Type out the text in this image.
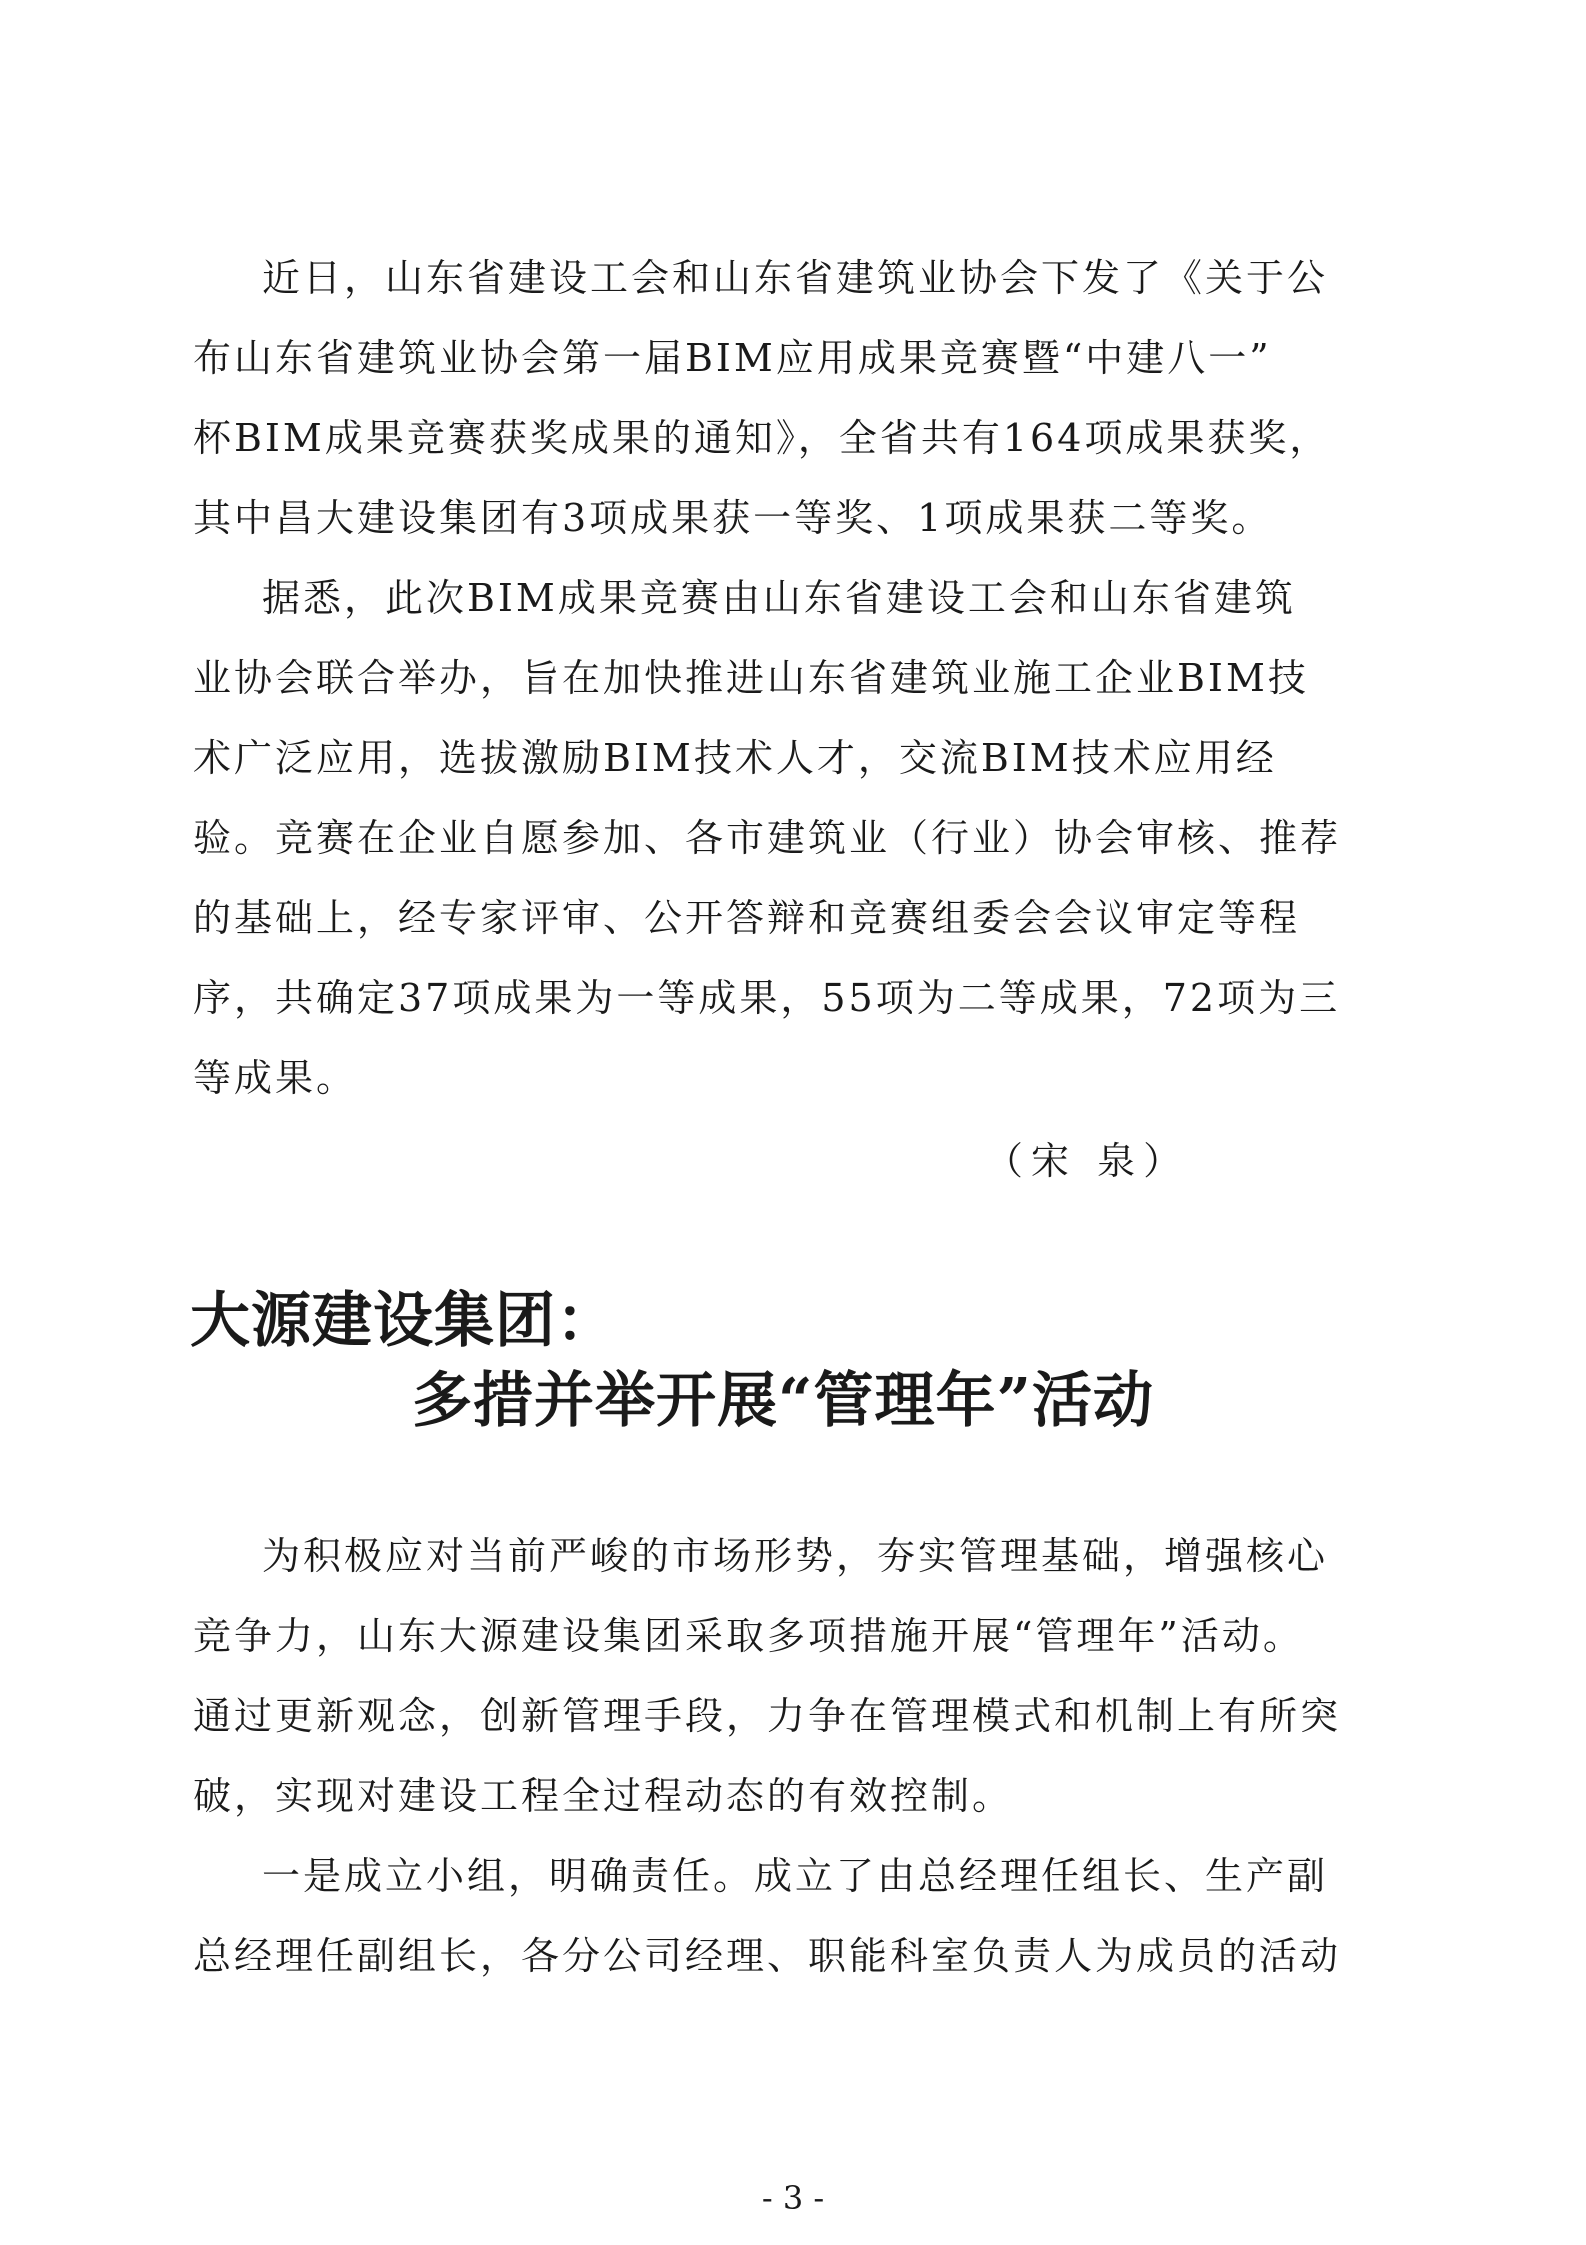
近日，山东省建设工会和山东省建筑业协会下发了《关于公
布山东省建筑业协会第一届BIM应用成果竞赛暨“中建八一”
杯BIM成果竞赛获奖成果的通知》，全省共有164项成果获奖，
其中昌大建设集团有3项成果获一等奖、1项成果获二等奖。
据悉，此次BIM成果竞赛由山东省建设工会和山东省建筑
业协会联合举办，旨在加快推进山东省建筑业施工企业BIM技
术广泛应用，选拔激励BIM技术人才，交流BIM技术应用经
验。竞赛在企业自愿参加、各市建筑业（行业）协会审核、推荐
的基础上，经专家评审、公开答辩和竞赛组委会会议审定等程
序，共确定37项成果为一等成果，55项为二等成果，72项为三
等成果。
（宋 泉）
大源建设集团：
多措并举开展“管理年”活动
为积极应对当前严峻的市场形势，夯实管理基础，增强核心
竞争力，山东大源建设集团采取多项措施开展“管理年”活动。
通过更新观念，创新管理手段，力争在管理模式和机制上有所突
破，实现对建设工程全过程动态的有效控制。
一是成立小组，明确责任。成立了由总经理任组长、生产副
总经理任副组长，各分公司经理、职能科室负责人为成员的活动
- 3 -
